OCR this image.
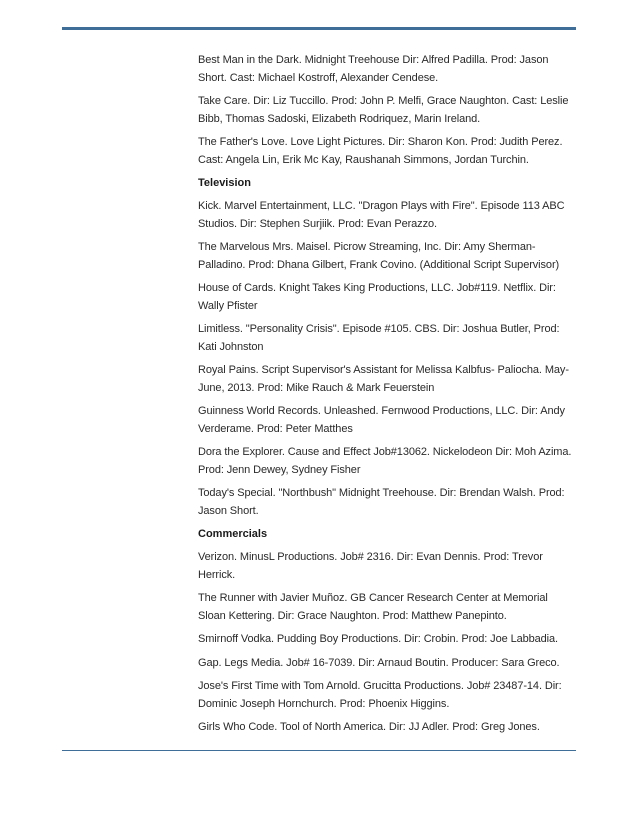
Best Man in the Dark. Midnight Treehouse Dir: Alfred Padilla. Prod: Jason Short. Cast: Michael Kostroff, Alexander Cendese.

Take Care. Dir: Liz Tuccillo. Prod: John P. Melfi, Grace Naughton. Cast: Leslie Bibb, Thomas Sadoski, Elizabeth Rodriquez, Marin Ireland.

The Father's Love. Love Light Pictures. Dir: Sharon Kon. Prod: Judith Perez. Cast: Angela Lin, Erik Mc Kay, Raushanah Simmons, Jordan Turchin.

Television

Kick. Marvel Entertainment, LLC. "Dragon Plays with Fire". Episode 113 ABC Studios. Dir: Stephen Surjiik. Prod: Evan Perazzo.

The Marvelous Mrs. Maisel. Picrow Streaming, Inc. Dir: Amy Sherman-Palladino. Prod: Dhana Gilbert, Frank Covino. (Additional Script Supervisor)

House of Cards. Knight Takes King Productions, LLC. Job#119. Netflix. Dir: Wally Pfister

Limitless. "Personality Crisis". Episode #105. CBS. Dir: Joshua Butler, Prod: Kati Johnston

Royal Pains. Script Supervisor's Assistant for Melissa Kalbfus- Paliocha. May- June, 2013. Prod: Mike Rauch & Mark Feuerstein

Guinness World Records. Unleashed. Fernwood Productions, LLC. Dir: Andy Verderame. Prod: Peter Matthes

Dora the Explorer. Cause and Effect Job#13062. Nickelodeon Dir: Moh Azima. Prod: Jenn Dewey, Sydney Fisher

Today's Special. "Northbush" Midnight Treehouse. Dir: Brendan Walsh. Prod: Jason Short.

Commercials

Verizon. MinusL Productions. Job# 2316. Dir: Evan Dennis. Prod: Trevor Herrick.

The Runner with Javier Muñoz. GB Cancer Research Center at Memorial Sloan Kettering. Dir: Grace Naughton. Prod: Matthew Panepinto.

Smirnoff Vodka. Pudding Boy Productions. Dir: Crobin. Prod: Joe Labbadia.

Gap. Legs Media. Job# 16-7039. Dir: Arnaud Boutin. Producer: Sara Greco.

Jose's First Time with Tom Arnold. Grucitta Productions. Job# 23487-14. Dir: Dominic Joseph Hornchurch. Prod: Phoenix Higgins.

Girls Who Code. Tool of North America. Dir: JJ Adler. Prod: Greg Jones.
